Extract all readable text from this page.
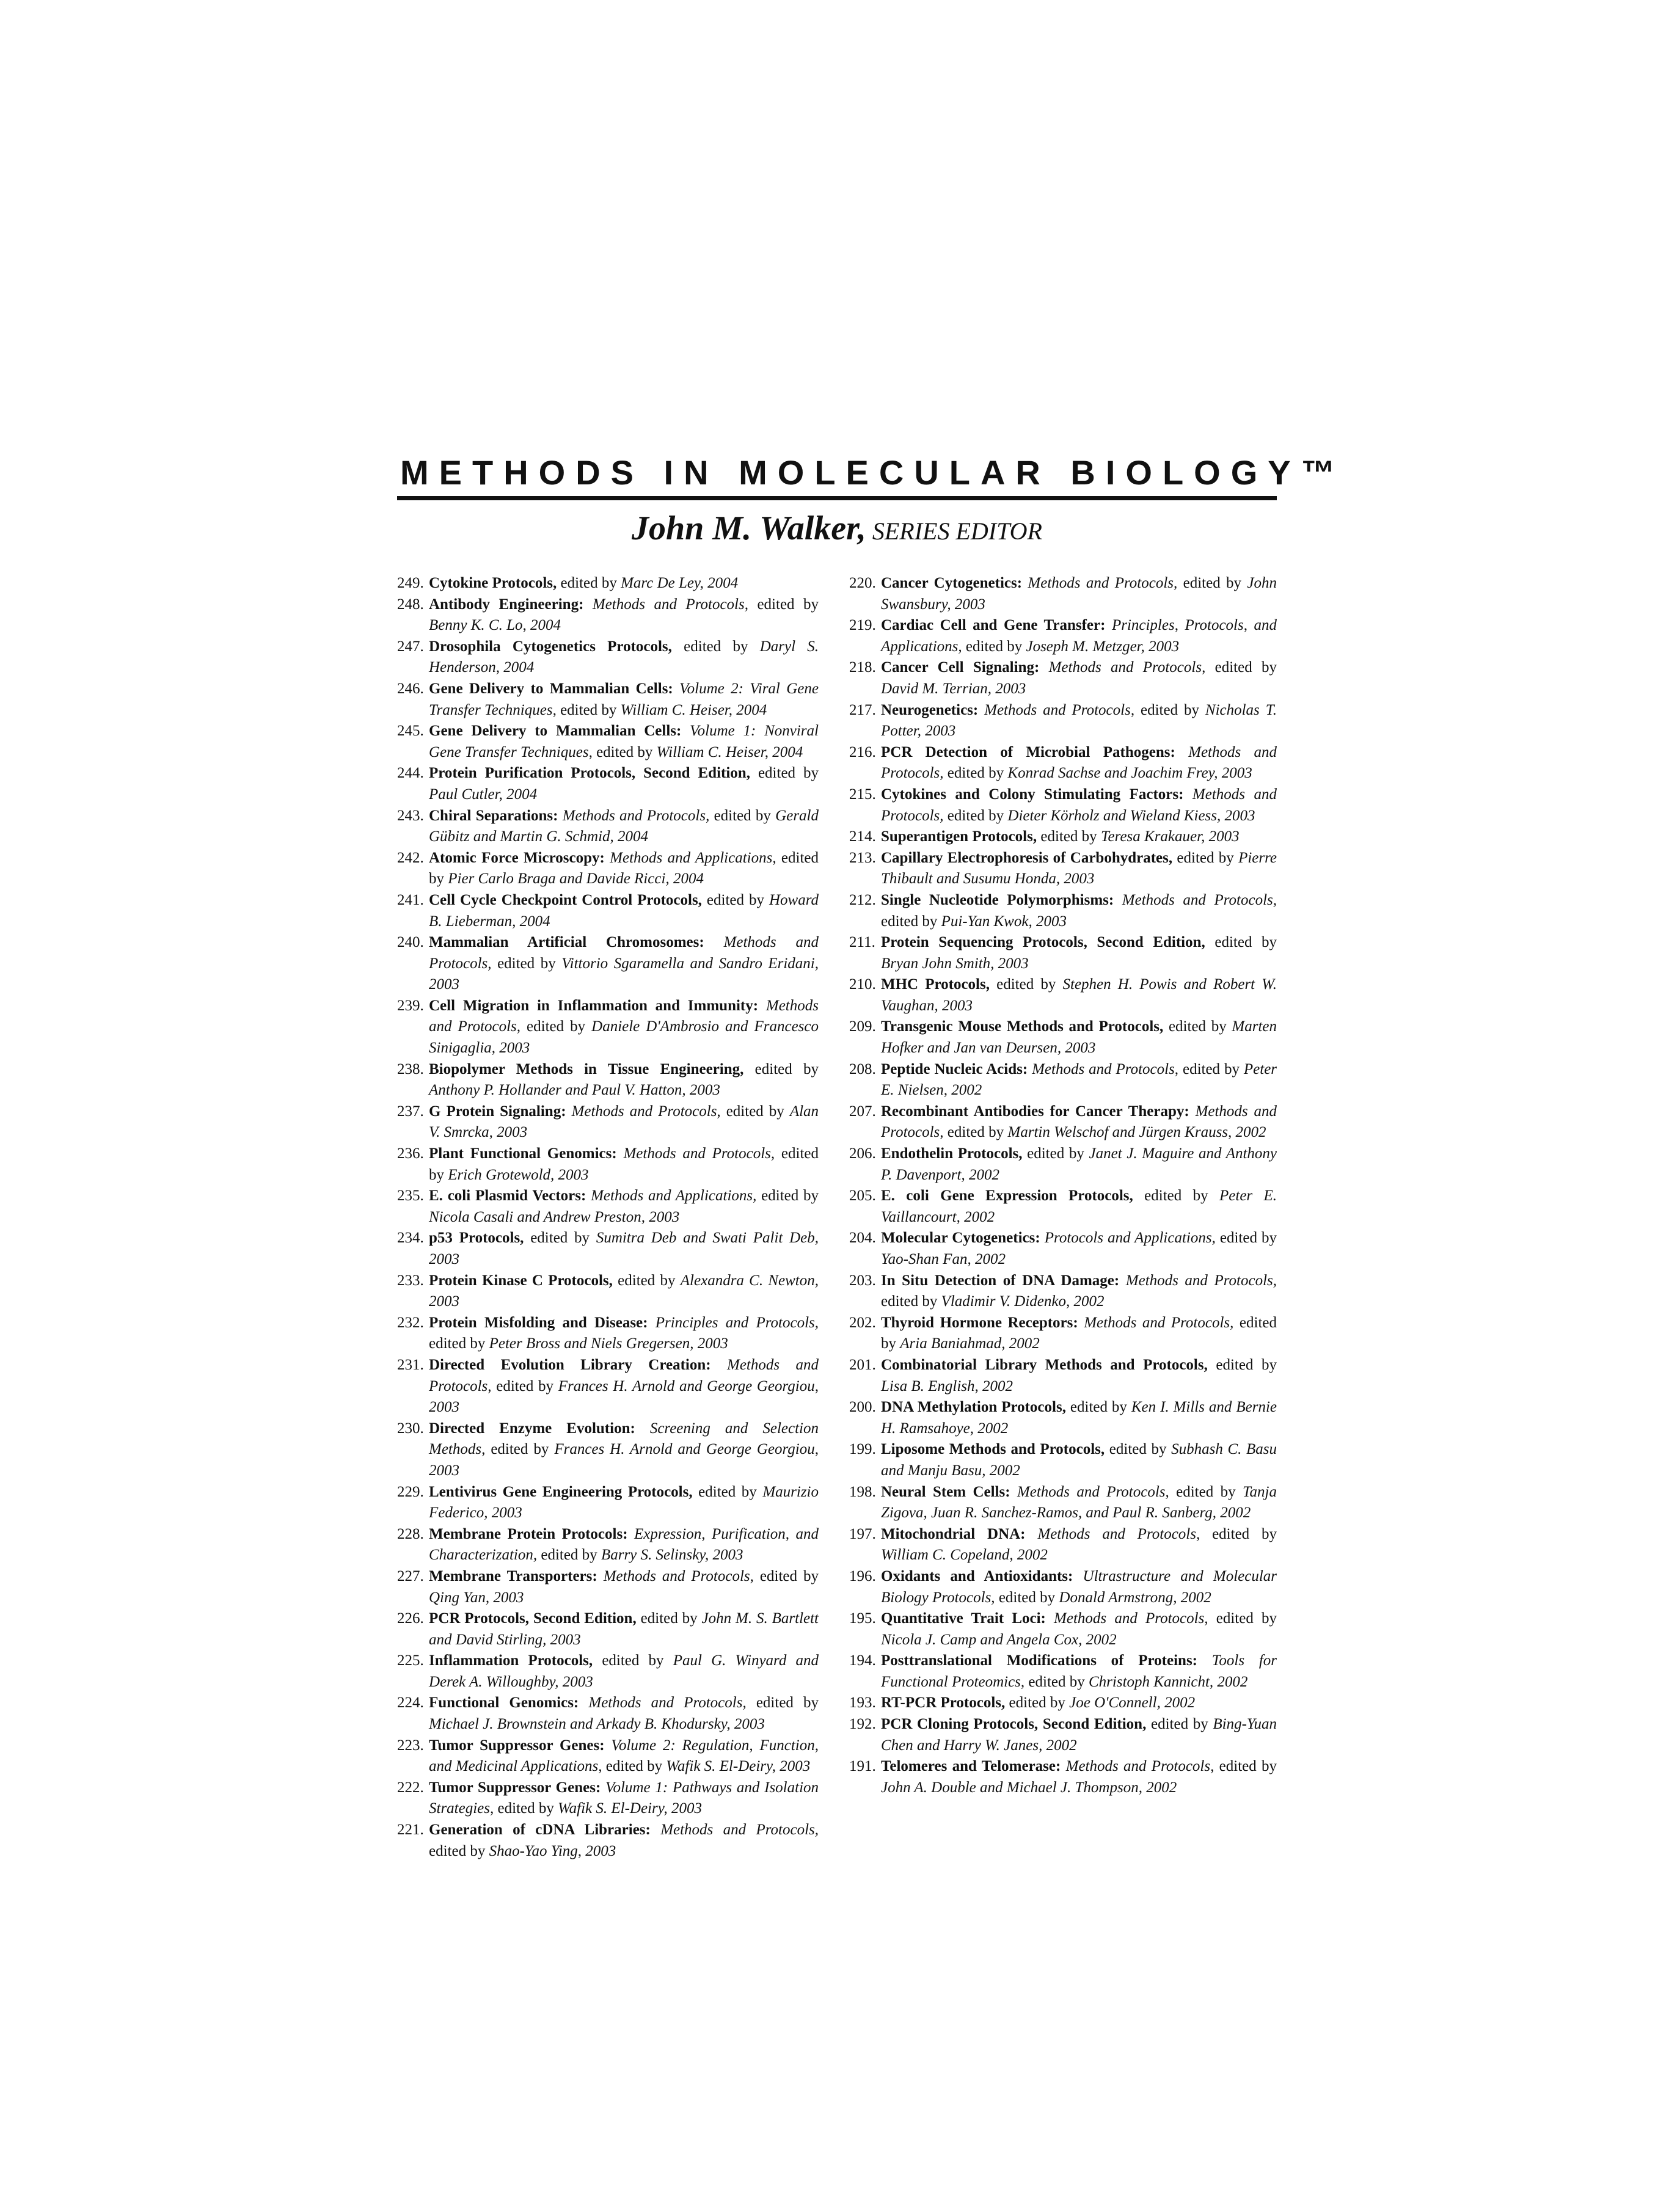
METHODS IN MOLECULAR BIOLOGY™
John M. Walker, SERIES EDITOR
249. Cytokine Protocols, edited by Marc De Ley, 2004
248. Antibody Engineering: Methods and Protocols, edited by Benny K. C. Lo, 2004
247. Drosophila Cytogenetics Protocols, edited by Daryl S. Henderson, 2004
246. Gene Delivery to Mammalian Cells: Volume 2: Viral Gene Transfer Techniques, edited by William C. Heiser, 2004
245. Gene Delivery to Mammalian Cells: Volume 1: Nonviral Gene Transfer Techniques, edited by William C. Heiser, 2004
244. Protein Purification Protocols, Second Edition, edited by Paul Cutler, 2004
243. Chiral Separations: Methods and Protocols, edited by Gerald Gübitz and Martin G. Schmid, 2004
242. Atomic Force Microscopy: Methods and Applications, edited by Pier Carlo Braga and Davide Ricci, 2004
241. Cell Cycle Checkpoint Control Protocols, edited by Howard B. Lieberman, 2004
240. Mammalian Artificial Chromosomes: Methods and Protocols, edited by Vittorio Sgaramella and Sandro Eridani, 2003
239. Cell Migration in Inflammation and Immunity: Methods and Protocols, edited by Daniele D'Ambrosio and Francesco Sinigaglia, 2003
238. Biopolymer Methods in Tissue Engineering, edited by Anthony P. Hollander and Paul V. Hatton, 2003
237. G Protein Signaling: Methods and Protocols, edited by Alan V. Smrcka, 2003
236. Plant Functional Genomics: Methods and Protocols, edited by Erich Grotewold, 2003
235. E. coli Plasmid Vectors: Methods and Applications, edited by Nicola Casali and Andrew Preston, 2003
234. p53 Protocols, edited by Sumitra Deb and Swati Palit Deb, 2003
233. Protein Kinase C Protocols, edited by Alexandra C. Newton, 2003
232. Protein Misfolding and Disease: Principles and Protocols, edited by Peter Bross and Niels Gregersen, 2003
231. Directed Evolution Library Creation: Methods and Protocols, edited by Frances H. Arnold and George Georgiou, 2003
230. Directed Enzyme Evolution: Screening and Selection Methods, edited by Frances H. Arnold and George Georgiou, 2003
229. Lentivirus Gene Engineering Protocols, edited by Maurizio Federico, 2003
228. Membrane Protein Protocols: Expression, Purification, and Characterization, edited by Barry S. Selinsky, 2003
227. Membrane Transporters: Methods and Protocols, edited by Qing Yan, 2003
226. PCR Protocols, Second Edition, edited by John M. S. Bartlett and David Stirling, 2003
225. Inflammation Protocols, edited by Paul G. Winyard and Derek A. Willoughby, 2003
224. Functional Genomics: Methods and Protocols, edited by Michael J. Brownstein and Arkady B. Khodursky, 2003
223. Tumor Suppressor Genes: Volume 2: Regulation, Function, and Medicinal Applications, edited by Wafik S. El-Deiry, 2003
222. Tumor Suppressor Genes: Volume 1: Pathways and Isolation Strategies, edited by Wafik S. El-Deiry, 2003
221. Generation of cDNA Libraries: Methods and Protocols, edited by Shao-Yao Ying, 2003
220. Cancer Cytogenetics: Methods and Protocols, edited by John Swansbury, 2003
219. Cardiac Cell and Gene Transfer: Principles, Protocols, and Applications, edited by Joseph M. Metzger, 2003
218. Cancer Cell Signaling: Methods and Protocols, edited by David M. Terrian, 2003
217. Neurogenetics: Methods and Protocols, edited by Nicholas T. Potter, 2003
216. PCR Detection of Microbial Pathogens: Methods and Protocols, edited by Konrad Sachse and Joachim Frey, 2003
215. Cytokines and Colony Stimulating Factors: Methods and Protocols, edited by Dieter Körholz and Wieland Kiess, 2003
214. Superantigen Protocols, edited by Teresa Krakauer, 2003
213. Capillary Electrophoresis of Carbohydrates, edited by Pierre Thibault and Susumu Honda, 2003
212. Single Nucleotide Polymorphisms: Methods and Protocols, edited by Pui-Yan Kwok, 2003
211. Protein Sequencing Protocols, Second Edition, edited by Bryan John Smith, 2003
210. MHC Protocols, edited by Stephen H. Powis and Robert W. Vaughan, 2003
209. Transgenic Mouse Methods and Protocols, edited by Marten Hofker and Jan van Deursen, 2003
208. Peptide Nucleic Acids: Methods and Protocols, edited by Peter E. Nielsen, 2002
207. Recombinant Antibodies for Cancer Therapy: Methods and Protocols, edited by Martin Welschof and Jürgen Krauss, 2002
206. Endothelin Protocols, edited by Janet J. Maguire and Anthony P. Davenport, 2002
205. E. coli Gene Expression Protocols, edited by Peter E. Vaillancourt, 2002
204. Molecular Cytogenetics: Protocols and Applications, edited by Yao-Shan Fan, 2002
203. In Situ Detection of DNA Damage: Methods and Protocols, edited by Vladimir V. Didenko, 2002
202. Thyroid Hormone Receptors: Methods and Protocols, edited by Aria Baniahmad, 2002
201. Combinatorial Library Methods and Protocols, edited by Lisa B. English, 2002
200. DNA Methylation Protocols, edited by Ken I. Mills and Bernie H. Ramsahoye, 2002
199. Liposome Methods and Protocols, edited by Subhash C. Basu and Manju Basu, 2002
198. Neural Stem Cells: Methods and Protocols, edited by Tanja Zigova, Juan R. Sanchez-Ramos, and Paul R. Sanberg, 2002
197. Mitochondrial DNA: Methods and Protocols, edited by William C. Copeland, 2002
196. Oxidants and Antioxidants: Ultrastructure and Molecular Biology Protocols, edited by Donald Armstrong, 2002
195. Quantitative Trait Loci: Methods and Protocols, edited by Nicola J. Camp and Angela Cox, 2002
194. Posttranslational Modifications of Proteins: Tools for Functional Proteomics, edited by Christoph Kannicht, 2002
193. RT-PCR Protocols, edited by Joe O'Connell, 2002
192. PCR Cloning Protocols, Second Edition, edited by Bing-Yuan Chen and Harry W. Janes, 2002
191. Telomeres and Telomerase: Methods and Protocols, edited by John A. Double and Michael J. Thompson, 2002
